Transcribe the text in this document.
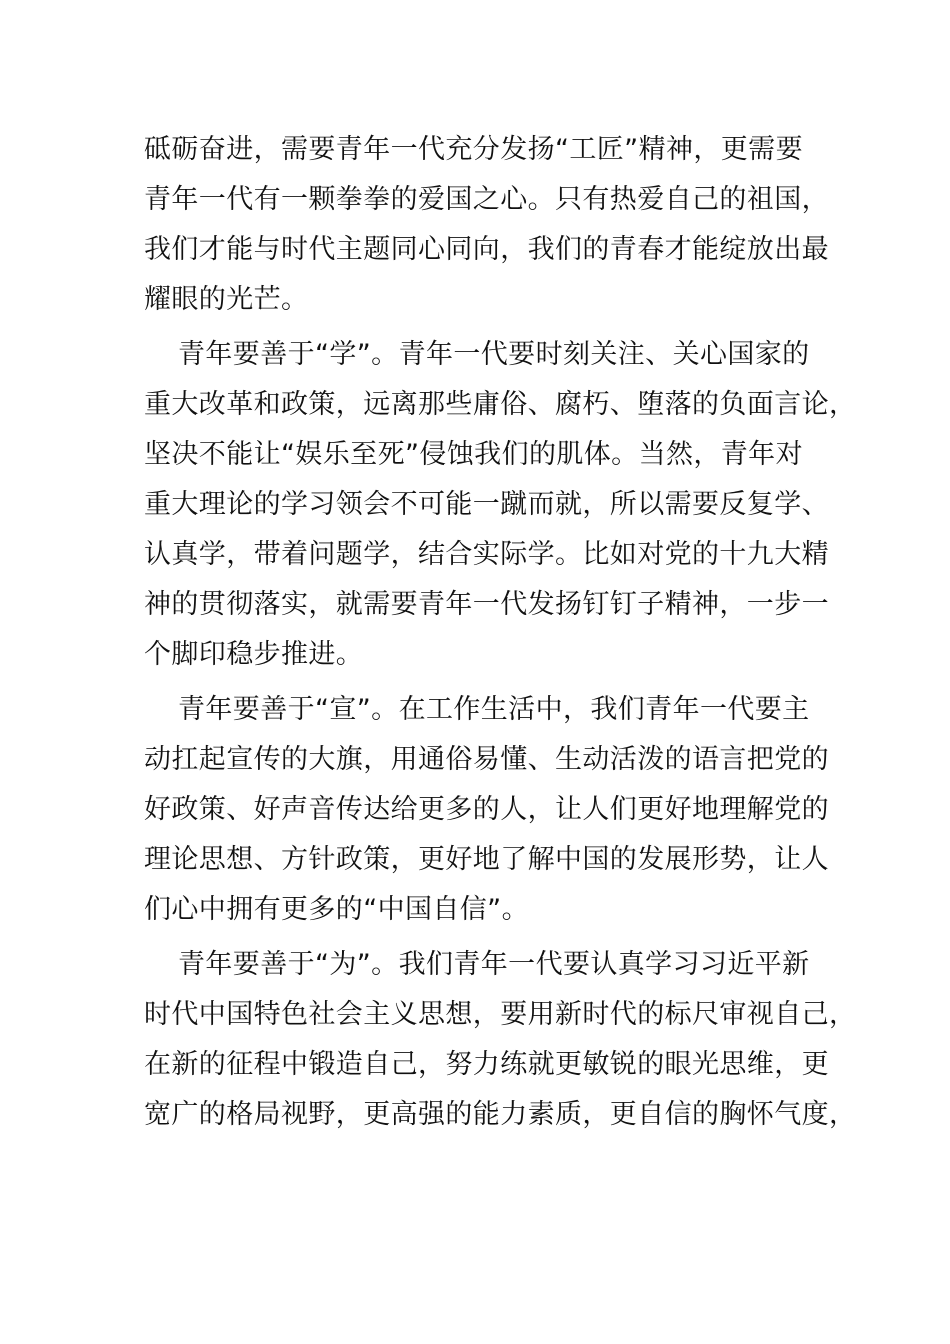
砥砺奋进，需要青年一代充分发扬“工匠”精神，更需要
青年一代有一颗拳拳的爱国之心。只有热爱自己的祖国，
我们才能与时代主题同心同向，我们的青春才能绽放出最
耀眼的光芒。
青年要善于“学”。青年一代要时刻关注、关心国家的
重大改革和政策，远离那些庸俗、腐朽、堕落的负面言论，
坚决不能让“娱乐至死”侵蚀我们的肌体。当然，青年对
重大理论的学习领会不可能一蹴而就，所以需要反复学、
认真学，带着问题学，结合实际学。比如对党的十九大精
神的贯彻落实，就需要青年一代发扬钉钉子精神，一步一
个脚印稳步推进。
青年要善于“宣”。在工作生活中，我们青年一代要主
动扛起宣传的大旗，用通俗易懂、生动活泼的语言把党的
好政策、好声音传达给更多的人，让人们更好地理解党的
理论思想、方针政策，更好地了解中国的发展形势，让人
们心中拥有更多的“中国自信”。
青年要善于“为”。我们青年一代要认真学习习近平新
时代中国特色社会主义思想，要用新时代的标尺审视自己，
在新的征程中锻造自己，努力练就更敏锐的眼光思维，更
宽广的格局视野，更高强的能力素质，更自信的胸怀气度，
